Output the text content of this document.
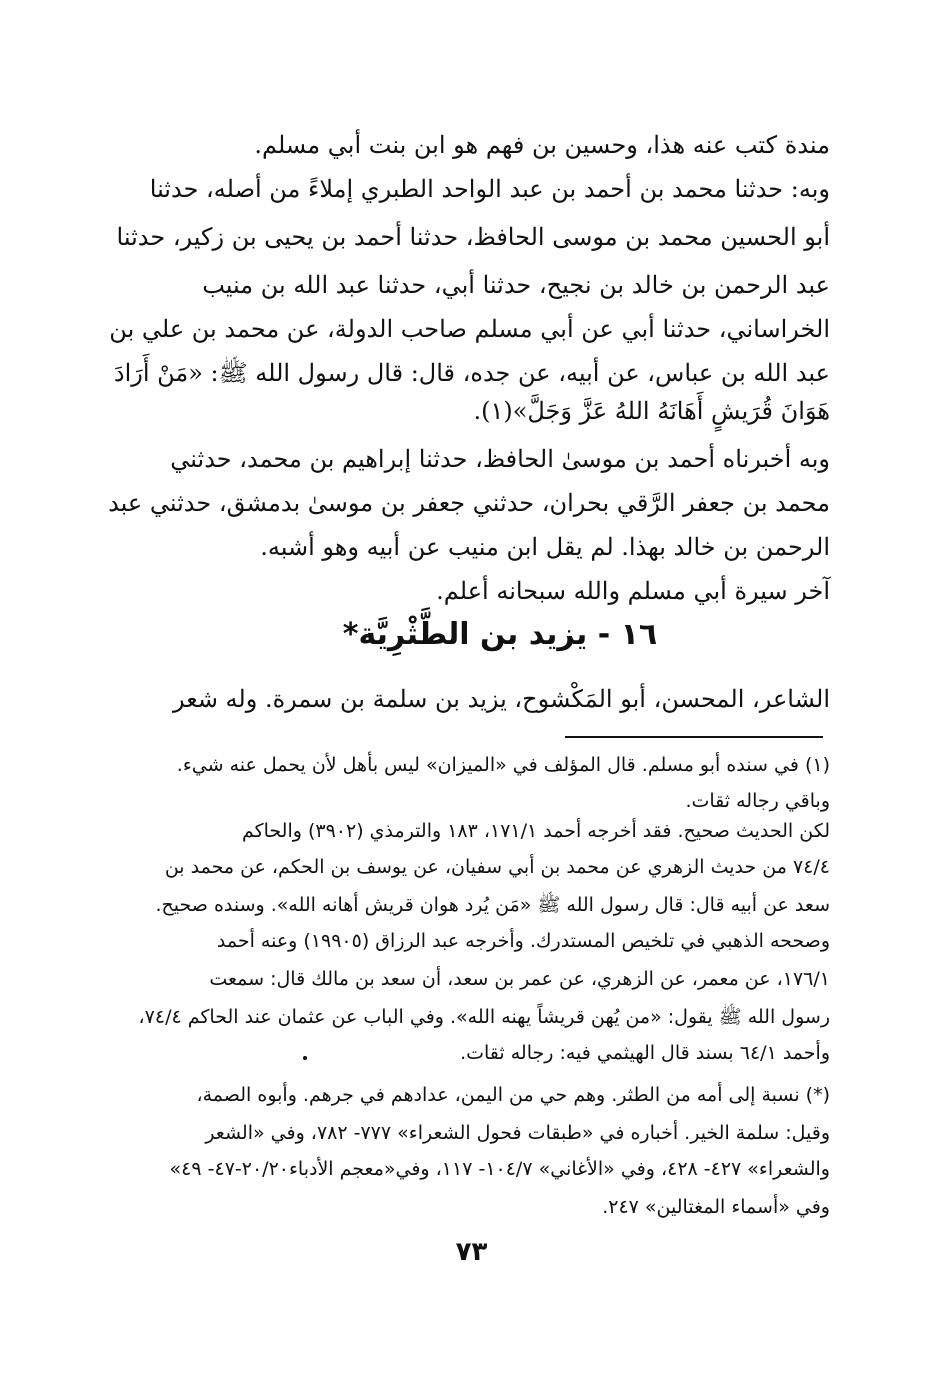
مندة كتب عنه هذا، وحسين بن فهم هو ابن بنت أبي مسلم.
وبه: حدثنا محمد بن أحمد بن عبد الواحد الطبري إملاءً من أصله، حدثنا
أبو الحسين محمد بن موسى الحافظ، حدثنا أحمد بن يحيى بن زكير، حدثنا
عبد الرحمن بن خالد بن نجيح، حدثنا أبي، حدثنا عبد الله بن منيب
الخراساني، حدثنا أبي عن أبي مسلم صاحب الدولة، عن محمد بن علي بن
عبد الله بن عباس، عن أبيه، عن جده، قال: قال رسول الله ﷺ: «مَنْ أَرَادَ
هَوَانَ قُرَيشٍ أَهَانَهُ اللهُ عَزَّ وَجَلَّ»(١).
وبه أخبرناه أحمد بن موسىٰ الحافظ، حدثنا إبراهيم بن محمد، حدثني
محمد بن جعفر الرَّقي بحران، حدثني جعفر بن موسىٰ بدمشق، حدثني عبد
الرحمن بن خالد بهذا. لم يقل ابن منيب عن أبيه وهو أشبه.
آخر سيرة أبي مسلم والله سبحانه أعلم.
١٦ - يزيد بن الطَّثْرِيَّة*
الشاعر، المحسن، أبو المَكْشوح، يزيد بن سلمة بن سمرة. وله شعر
(١) في سنده أبو مسلم. قال المؤلف في «الميزان» ليس بأهل لأن يحمل عنه شيء.
وباقي رجاله ثقات.
لكن الحديث صحيح. فقد أخرجه أحمد ١٧١/١، ١٨٣ والترمذي (٣٩٠٢) والحاكم
٧٤/٤ من حديث الزهري عن محمد بن أبي سفيان، عن يوسف بن الحكم، عن محمد بن
سعد عن أبيه قال: قال رسول الله ﷺ «مَن يُرد هوان قريش أهانه الله». وسنده صحيح.
وصححه الذهبي في تلخيص المستدرك. وأخرجه عبد الرزاق (١٩٩٠٥) وعنه أحمد
١٧٦/١، عن معمر، عن الزهري، عن عمر بن سعد، أن سعد بن مالك قال: سمعت
رسول الله ﷺ يقول: «من يُهن قريشاً يهنه الله». وفي الباب عن عثمان عند الحاكم ٧٤/٤،
وأحمد ٦٤/١ بسند قال الهيثمي فيه: رجاله ثقات.
(*) نسبة إلى أمه من الطثر. وهم حي من اليمن، عدادهم في جرهم. وأبوه الصمة،
وقيل: سلمة الخير. أخباره في «طبقات فحول الشعراء» ٧٧٧- ٧٨٢، وفي «الشعر
والشعراء» ٤٢٧- ٤٢٨، وفي «الأغاني» ١٠٤/٧- ١١٧، وفي«معجم الأدباء٢٠/٢٠-٤٧- ٤٩»
وفي «أسماء المغتالين» ٢٤٧.
٧٣
